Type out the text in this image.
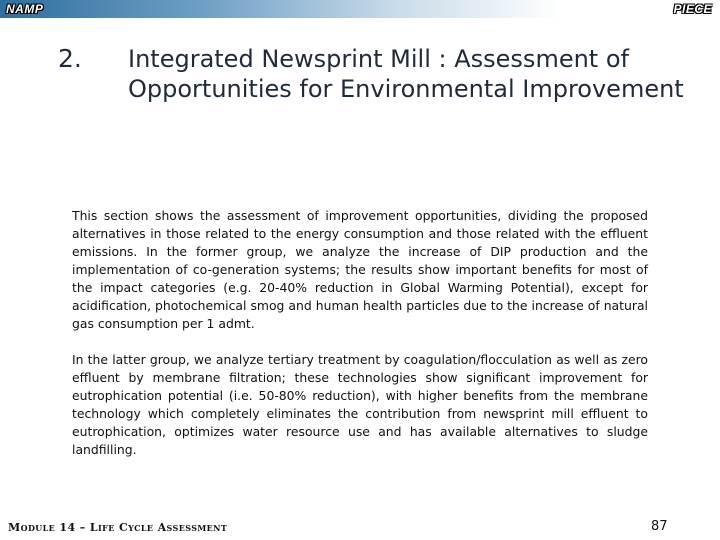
NAMP	PIECE
2. Integrated Newsprint Mill : Assessment of Opportunities for Environmental Improvement

This section shows the assessment of improvement opportunities, dividing the proposed alternatives in those related to the energy consumption and those related with the effluent emissions. In the former group, we analyze the increase of DIP production and the implementation of co-generation systems; the results show important benefits for most of the impact categories (e.g. 20-40% reduction in Global Warming Potential), except for acidification, photochemical smog and human health particles due to the increase of natural gas consumption per 1 admt.

In the latter group, we analyze tertiary treatment by coagulation/flocculation as well as zero effluent by membrane filtration; these technologies show significant improvement for eutrophication potential (i.e. 50-80% reduction), with higher benefits from the membrane technology which completely eliminates the contribution from newsprint mill effluent to eutrophication, optimizes water resource use and has available alternatives to sludge landfilling.

Module 14 – Life Cycle Assessment	87
